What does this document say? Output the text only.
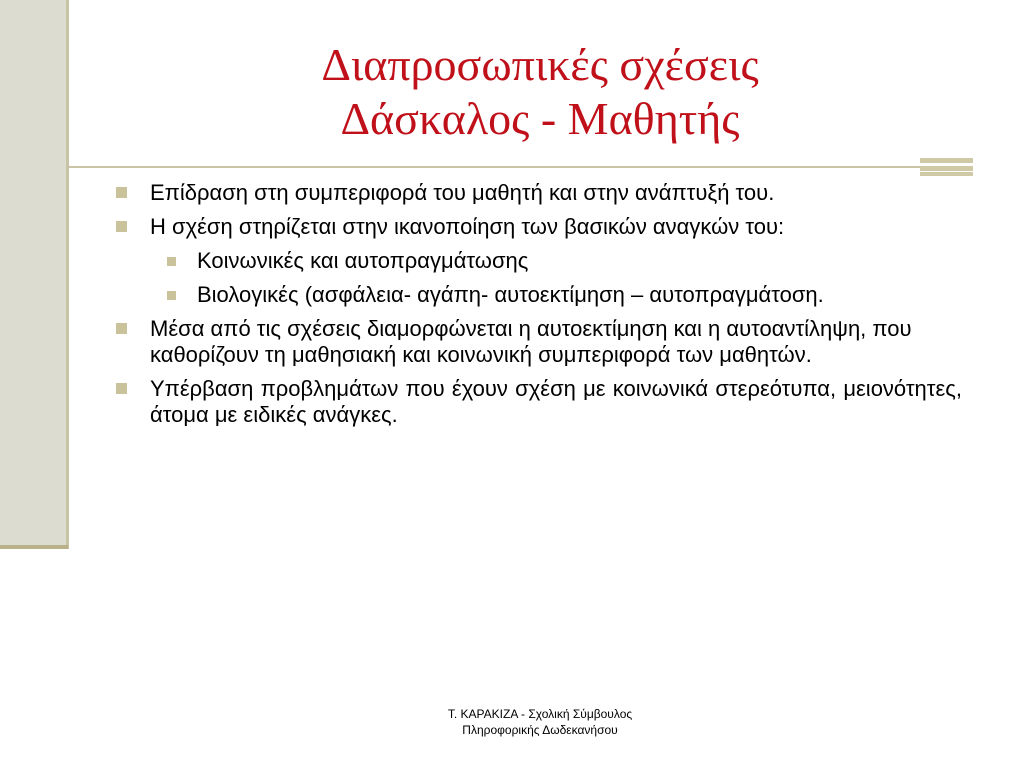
Διαπροσωπικές σχέσεις
Δάσκαλος - Μαθητής
Επίδραση στη συμπεριφορά του μαθητή και στην ανάπτυξή του.
Η σχέση στηρίζεται στην ικανοποίηση των βασικών αναγκών του:
Κοινωνικές και αυτοπραγμάτωσης
Βιολογικές (ασφάλεια- αγάπη- αυτοεκτίμηση – αυτοπραγμάτοση.
Μέσα από τις σχέσεις διαμορφώνεται η αυτοεκτίμηση και η αυτοαντίληψη, που καθορίζουν τη μαθησιακή και κοινωνική συμπεριφορά των μαθητών.
Υπέρβαση προβλημάτων που έχουν σχέση με κοινωνικά στερεότυπα, μειονότητες, άτομα με ειδικές ανάγκες.
Τ. ΚΑΡΑΚΙΖΑ - Σχολική Σύμβουλος
Πληροφορικής Δωδεκανήσου
